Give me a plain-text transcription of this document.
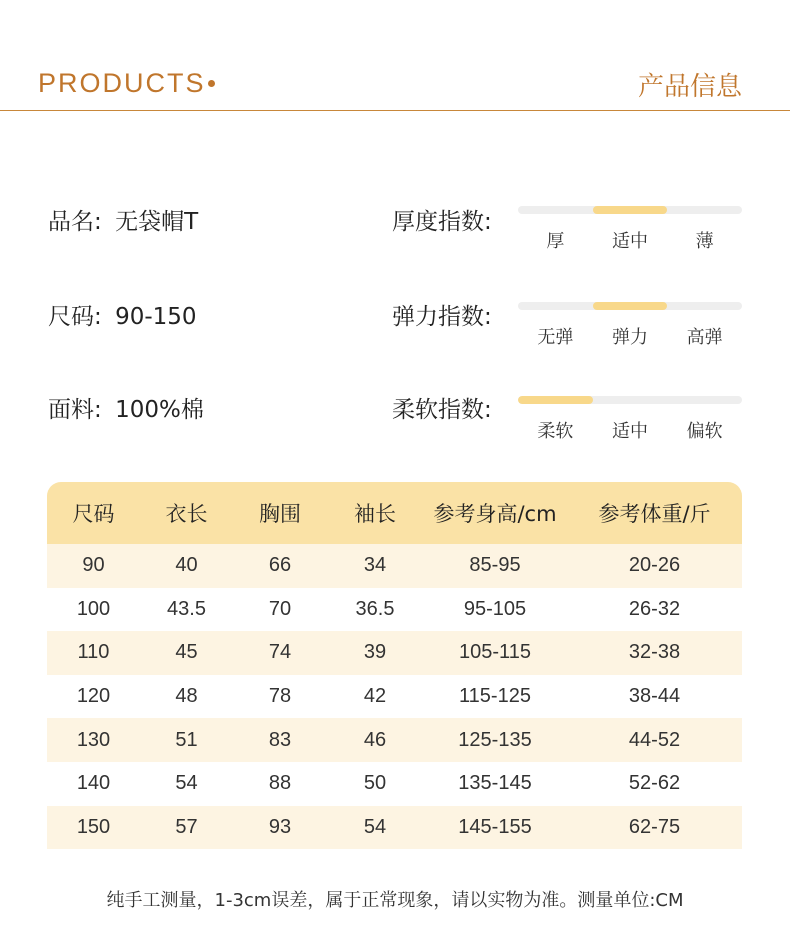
PRODUCTS	产品信息
品名: 无袋帽T
尺码: 90-150
面料: 100%棉
厚度指数:
厚	适中	薄
弹力指数:
无弹	弹力	高弹
柔软指数:
柔软	适中	偏软
尺码	衣长	胸围	袖长	参考身高/cm	参考体重/斤
90	40	66	34	85-95	20-26
100	43.5	70	36.5	95-105	26-32
110	45	74	39	105-115	32-38
120	48	78	42	115-125	38-44
130	51	83	46	125-135	44-52
140	54	88	50	135-145	52-62
150	57	93	54	145-155	62-75
纯手工测量，1-3cm误差，属于正常现象，请以实物为准。测量单位:CM
